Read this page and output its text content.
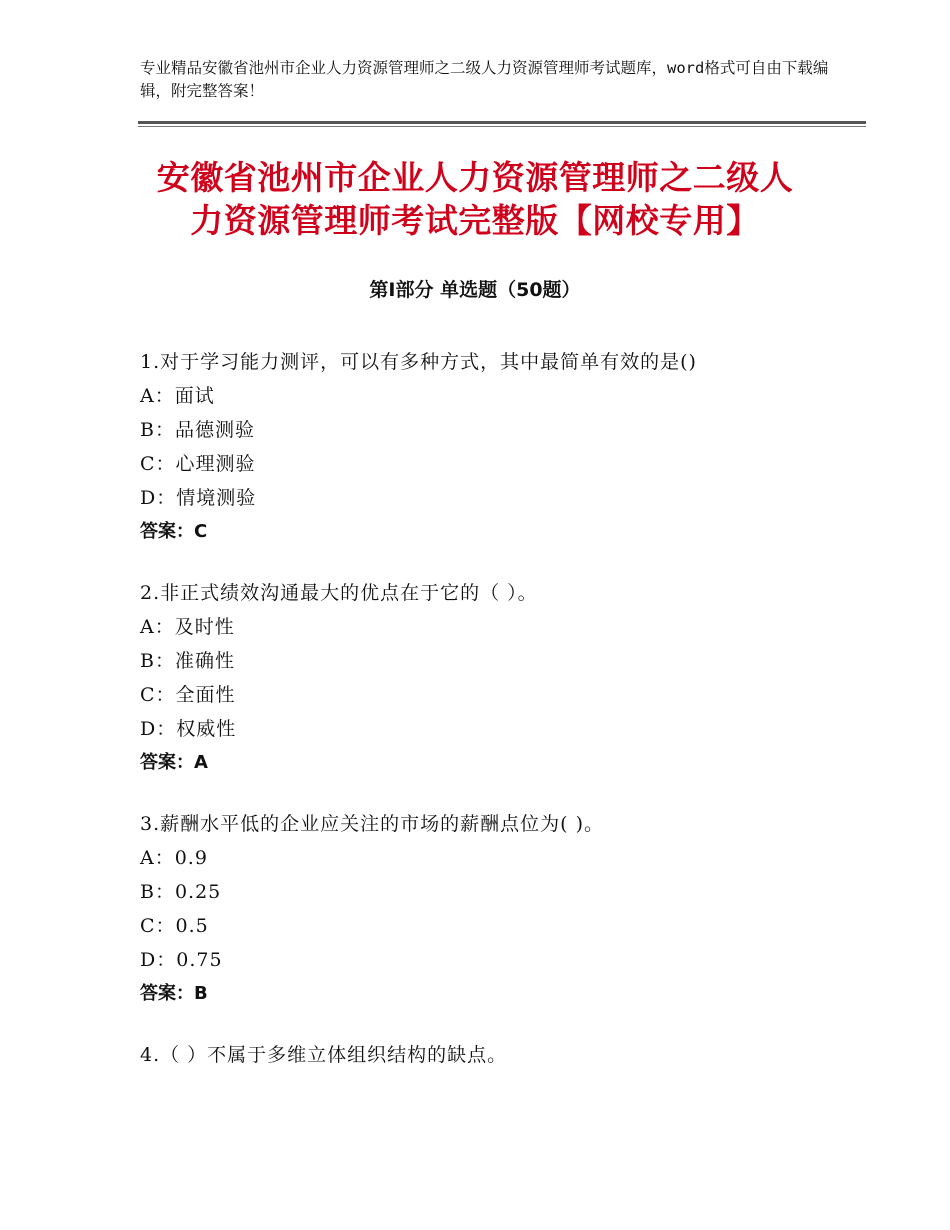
专业精品安徽省池州市企业人力资源管理师之二级人力资源管理师考试题库，word格式可自由下载编辑，附完整答案！
安徽省池州市企业人力资源管理师之二级人
力资源管理师考试完整版【网校专用】
第Ⅰ部分 单选题（50题）
1.对于学习能力测评，可以有多种方式，其中最简单有效的是()
A：面试
B：品德测验
C：心理测验
D：情境测验
答案：C
2.非正式绩效沟通最大的优点在于它的（ ）。
A：及时性
B：准确性
C：全面性
D：权威性
答案：A
3.薪酬水平低的企业应关注的市场的薪酬点位为( )。
A：0.9
B：0.25
C：0.5
D：0.75
答案：B
4.（ ）不属于多维立体组织结构的缺点。
